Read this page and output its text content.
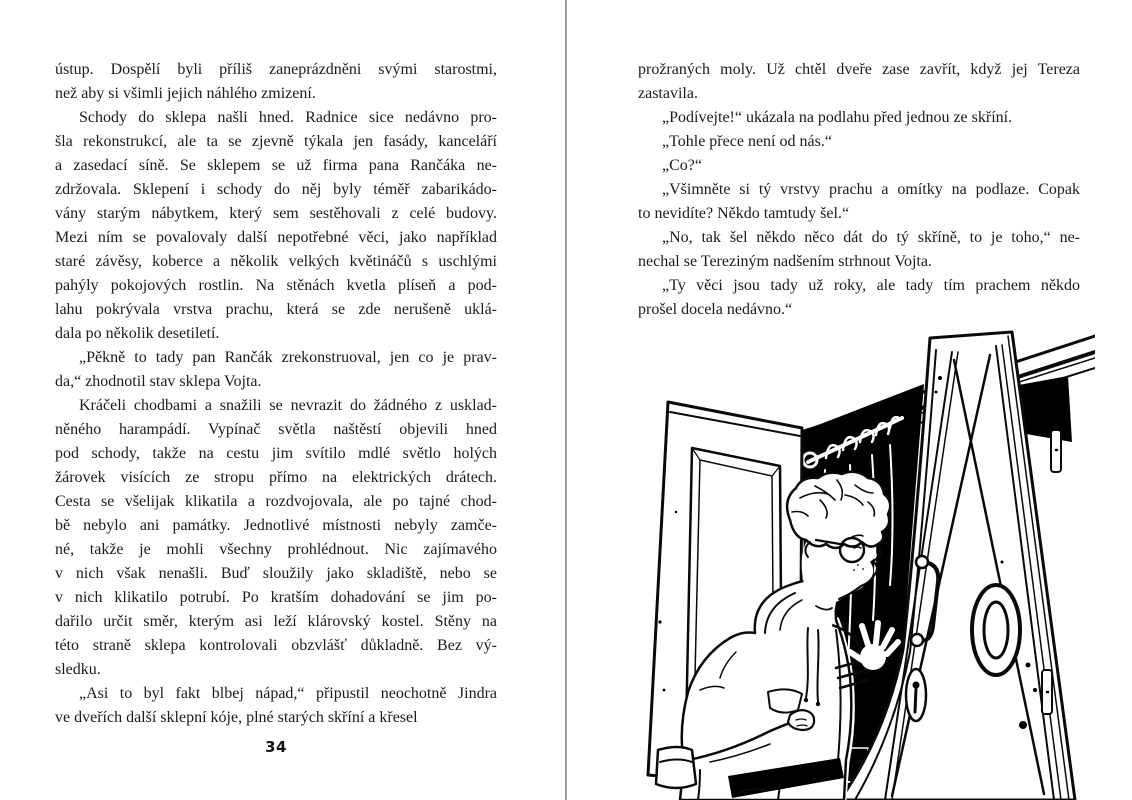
ústup. Dospělí byli příliš zaneprázdněni svými starostmi,
než aby si všimli jejich náhlého zmizení.
Schody do sklepa našli hned. Radnice sice nedávno pro-
šla rekonstrukcí, ale ta se zjevně týkala jen fasády, kanceláří
a zasedací síně. Se sklepem se už firma pana Rančáka ne-
zdržovala. Sklepení i schody do něj byly téměř zabarikádo-
vány starým nábytkem, který sem sestěhovali z celé budovy.
Mezi ním se povalovaly další nepotřebné věci, jako například
staré závěsy, koberce a několik velkých květináčů s uschlými
pahýly pokojových rostlin. Na stěnách kvetla plíseň a pod-
lahu pokrývala vrstva prachu, která se zde nerušeně uklá-
dala po několik desetiletí.
„Pěkně to tady pan Rančák zrekonstruoval, jen co je prav-
da,“ zhodnotil stav sklepa Vojta.
Kráčeli chodbami a snažili se nevrazit do žádného z usklad-
něného harampádí. Vypínač světla naštěstí objevili hned
pod schody, takže na cestu jim svítilo mdlé světlo holých
žárovek visících ze stropu přímo na elektrických drátech.
Cesta se všelijak klikatila a rozdvojovala, ale po tajné chod-
bě nebylo ani památky. Jednotlivé místnosti nebyly zamče-
né, takže je mohli všechny prohlédnout. Nic zajímavého
v nich však nenašli. Buď sloužily jako skladiště, nebo se
v nich klikatilo potrubí. Po kratším dohadování se jim po-
dařilo určit směr, kterým asi leží klárovský kostel. Stěny na
této straně sklepa kontrolovali obzvlášť důkladně. Bez vý-
sledku.
„Asi to byl fakt blbej nápad,“ připustil neochotně Jindra
ve dveřích další sklepní kóje, plné starých skříní a křesel
34
prožraných moly. Už chtěl dveře zase zavřít, když jej Tereza
zastavila.
„Podívejte!“ ukázala na podlahu před jednou ze skříní.
„Tohle přece není od nás.“
„Co?“
„Všimněte si tý vrstvy prachu a omítky na podlaze. Copak
to nevidíte? Někdo tamtudy šel.“
„No, tak šel někdo něco dát do tý skříně, to je toho,“ ne-
nechal se Tereziným nadšením strhnout Vojta.
„Ty věci jsou tady už roky, ale tady tím prachem někdo
prošel docela nedávno.“
